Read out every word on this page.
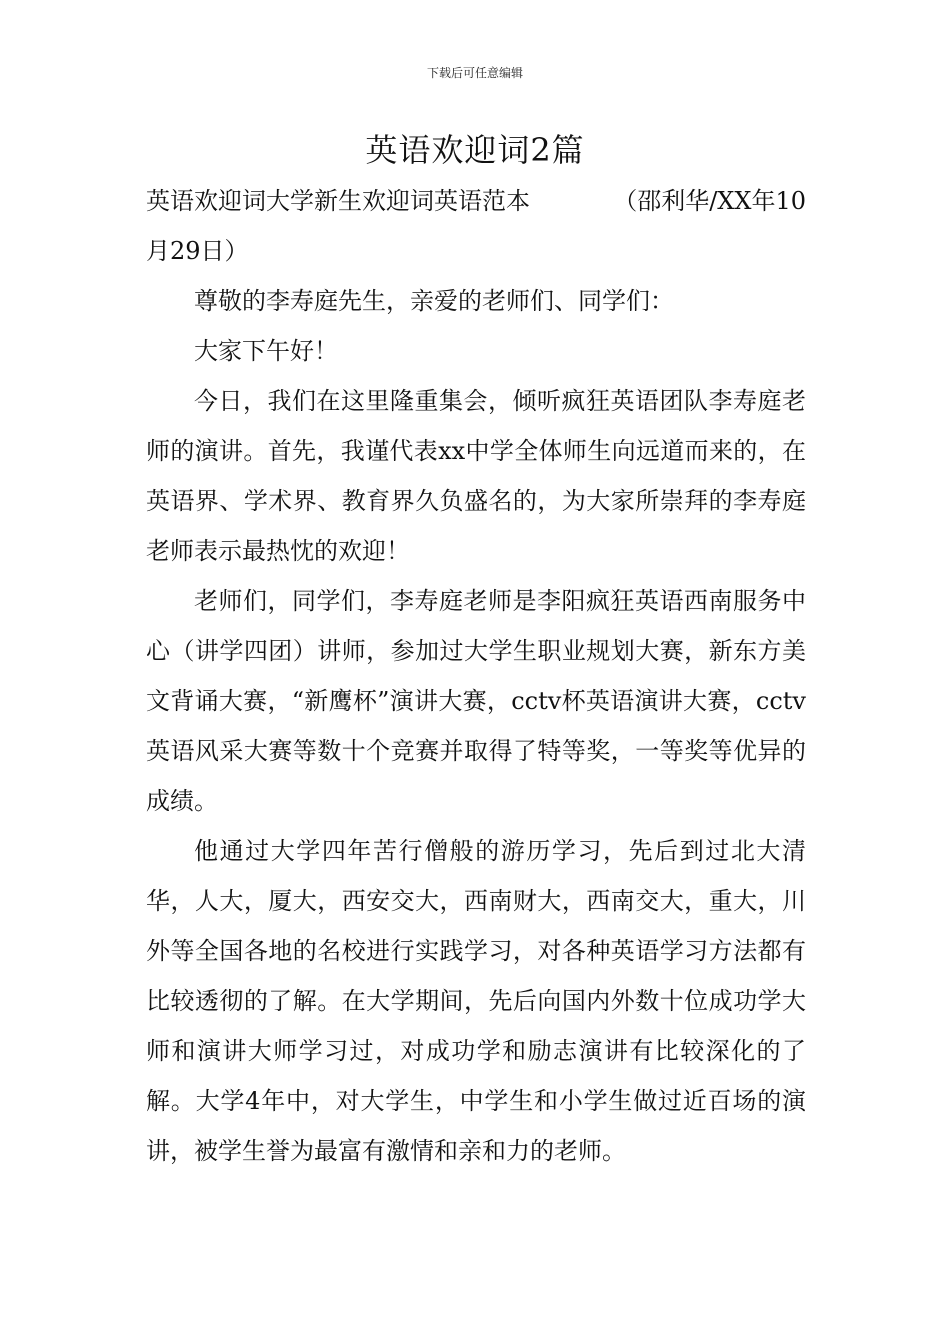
下载后可任意编辑
英语欢迎词2篇

英语欢迎词大学新生欢迎词英语范本	（邵利华/XX年10

月29日）

尊敬的李寿庭先生，亲爱的老师们、同学们：

大家下午好！

今日，我们在这里隆重集会，倾听疯狂英语团队李寿庭老师的演讲。首先，我谨代表xx中学全体师生向远道而来的，在英语界、学术界、教育界久负盛名的，为大家所崇拜的李寿庭老师表示最热忱的欢迎！

老师们，同学们，李寿庭老师是李阳疯狂英语西南服务中心（讲学四团）讲师，参加过大学生职业规划大赛，新东方美文背诵大赛，“新鹰杯”演讲大赛，cctv杯英语演讲大赛，cctv英语风采大赛等数十个竞赛并取得了特等奖，一等奖等优异的成绩。

他通过大学四年苦行僧般的游历学习，先后到过北大清华，人大，厦大，西安交大，西南财大，西南交大，重大，川外等全国各地的名校进行实践学习，对各种英语学习方法都有比较透彻的了解。在大学期间，先后向国内外数十位成功学大师和演讲大师学习过，对成功学和励志演讲有比较深化的了解。大学4年中，对大学生，中学生和小学生做过近百场的演讲，被学生誉为最富有激情和亲和力的老师。
